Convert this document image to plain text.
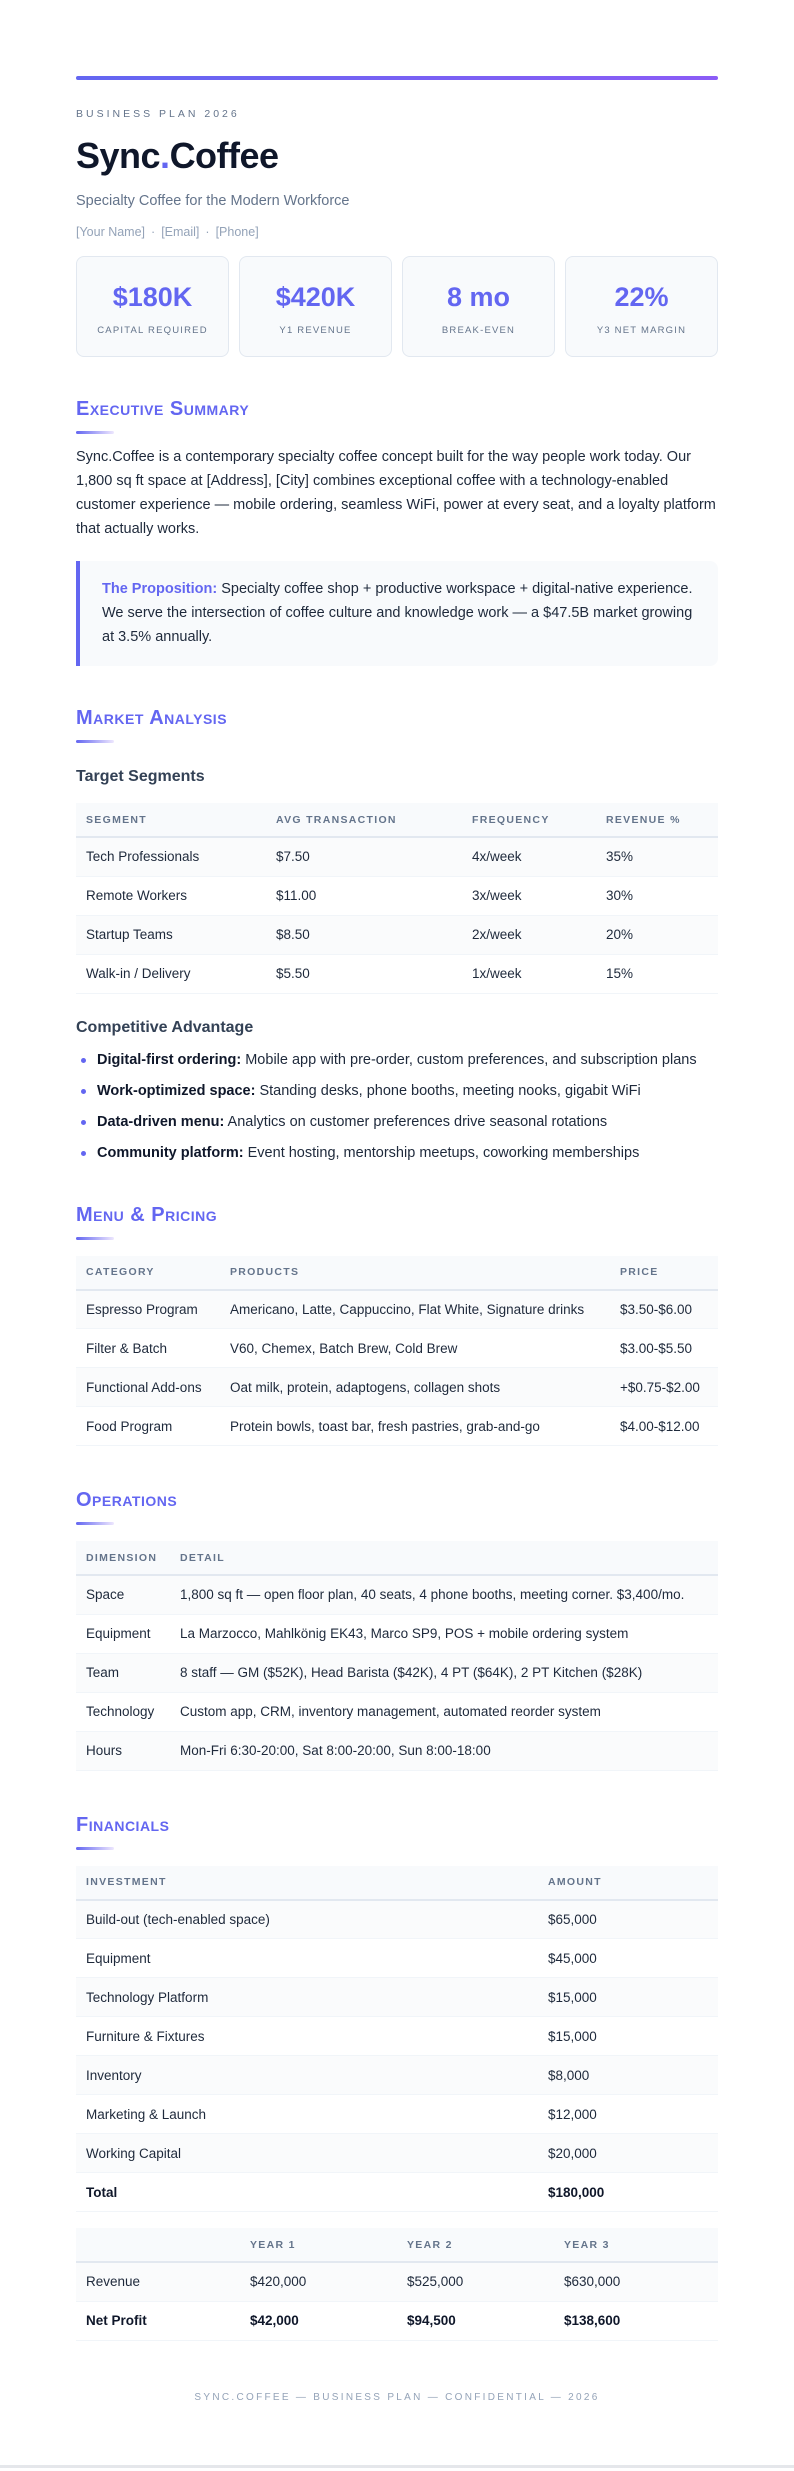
BUSINESS PLAN 2026
Sync.Coffee
Specialty Coffee for the Modern Workforce
[Your Name] · [Email] · [Phone]
$180K
CAPITAL REQUIRED
$420K
Y1 REVENUE
8 mo
BREAK-EVEN
22%
Y3 NET MARGIN
Executive Summary

Sync.Coffee is a contemporary specialty coffee concept built for the way people work today. Our 1,800 sq ft space at [Address], [City] combines exceptional coffee with a technology-enabled customer experience — mobile ordering, seamless WiFi, power at every seat, and a loyalty platform that actually works.

The Proposition: Specialty coffee shop + productive workspace + digital-native experience. We serve the intersection of coffee culture and knowledge work — a $47.5B market growing at 3.5% annually.
Market Analysis
Target Segments
SEGMENT	AVG TRANSACTION	FREQUENCY	REVENUE %
Tech Professionals	$7.50	4x/week	35%
Remote Workers	$11.00	3x/week	30%
Startup Teams	$8.50	2x/week	20%
Walk-in / Delivery	$5.50	1x/week	15%
Competitive Advantage
Digital-first ordering: Mobile app with pre-order, custom preferences, and subscription plans
Work-optimized space: Standing desks, phone booths, meeting nooks, gigabit WiFi
Data-driven menu: Analytics on customer preferences drive seasonal rotations
Community platform: Event hosting, mentorship meetups, coworking memberships
Menu & Pricing
CATEGORY	PRODUCTS	PRICE
Espresso Program	Americano, Latte, Cappuccino, Flat White, Signature drinks	$3.50-$6.00
Filter & Batch	V60, Chemex, Batch Brew, Cold Brew	$3.00-$5.50
Functional Add-ons	Oat milk, protein, adaptogens, collagen shots	+$0.75-$2.00
Food Program	Protein bowls, toast bar, fresh pastries, grab-and-go	$4.00-$12.00
Operations
DIMENSION	DETAIL
Space	1,800 sq ft — open floor plan, 40 seats, 4 phone booths, meeting corner. $3,400/mo.
Equipment	La Marzocco, Mahlkönig EK43, Marco SP9, POS + mobile ordering system
Team	8 staff — GM ($52K), Head Barista ($42K), 4 PT ($64K), 2 PT Kitchen ($28K)
Technology	Custom app, CRM, inventory management, automated reorder system
Hours	Mon-Fri 6:30-20:00, Sat 8:00-20:00, Sun 8:00-18:00
Financials
INVESTMENT	AMOUNT
Build-out (tech-enabled space)	$65,000
Equipment	$45,000
Technology Platform	$15,000
Furniture & Fixtures	$15,000
Inventory	$8,000
Marketing & Launch	$12,000
Working Capital	$20,000
Total	$180,000
	YEAR 1	YEAR 2	YEAR 3
Revenue	$420,000	$525,000	$630,000
Net Profit	$42,000	$94,500	$138,600
SYNC.COFFEE — BUSINESS PLAN — CONFIDENTIAL — 2026
